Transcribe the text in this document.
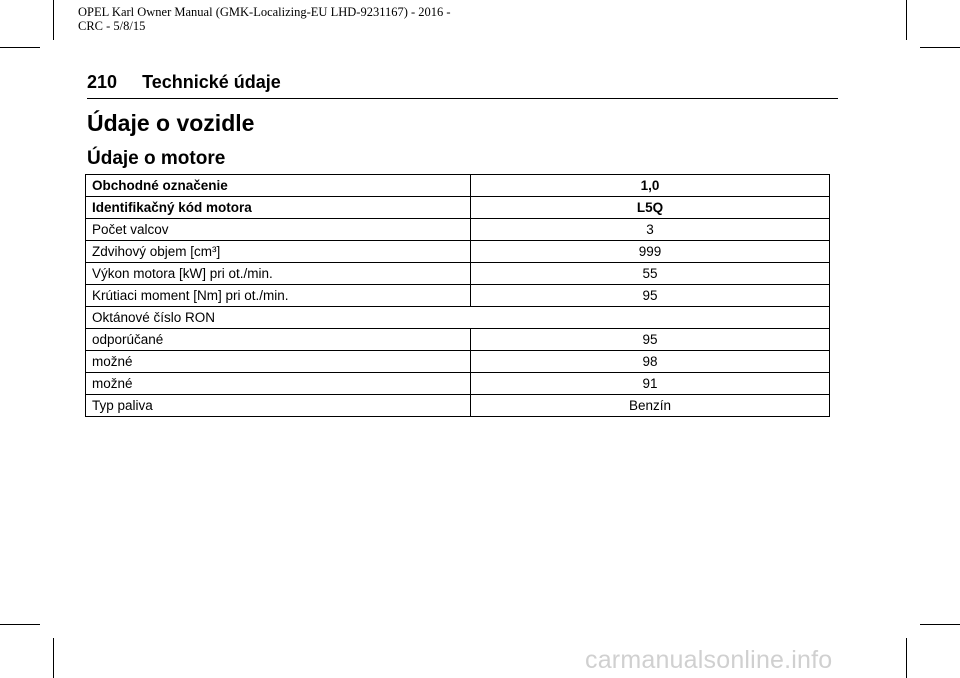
OPEL Karl Owner Manual (GMK-Localizing-EU LHD-9231167) - 2016 -
CRC - 5/8/15
210 Technické údaje
Údaje o vozidle
Údaje o motore
Obchodné označenie	1,0
Identifikačný kód motora	L5Q
Počet valcov	3
Zdvihový objem [cm³]	999
Výkon motora [kW] pri ot./min.	55
Krútiaci moment [Nm] pri ot./min.	95
Oktánové číslo RON	
odporúčané	95
možné	98
možné	91
Typ paliva	Benzín
carmanualsonline.info
